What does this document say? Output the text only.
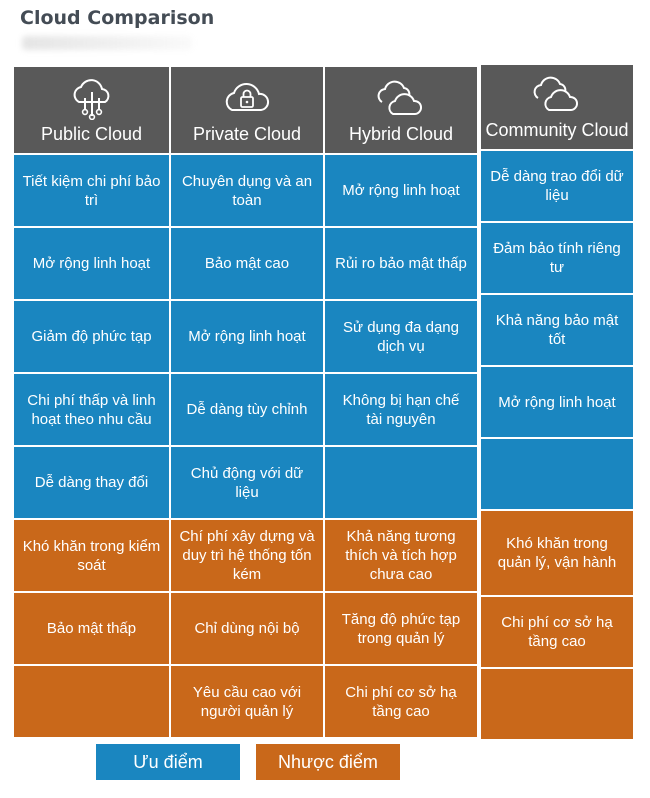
Cloud Comparison
Public Cloud
Tiết kiệm chi phí bảo trì
Mở rộng linh hoạt
Giảm độ phức tạp
Chi phí thấp và linh hoạt theo nhu cầu
Dễ dàng thay đổi
Khó khăn trong kiểm soát
Bảo mật thấp
Private Cloud
Chuyên dụng và an toàn
Bảo mật cao
Mở rộng linh hoạt
Dễ dàng tùy chỉnh
Chủ động với dữ liệu
Chí phí xây dựng và duy trì hệ thống tốn kém
Chỉ dùng nội bộ
Yêu cầu cao với người quản lý
Hybrid Cloud
Mở rộng linh hoạt
Rủi ro bảo mật thấp
Sử dụng đa dạng dịch vụ
Không bị hạn chế tài nguyên
Khả năng tương thích và tích hợp chưa cao
Tăng độ phức tạp trong quản lý
Chi phí cơ sở hạ tầng cao
Community Cloud
Dễ dàng trao đổi dữ liệu
Đảm bảo tính riêng tư
Khả năng bảo mật tốt
Mở rộng linh hoạt
Khó khăn trong quản lý, vận hành
Chi phí cơ sở hạ tầng cao
Ưu điểm	Nhược điểm
